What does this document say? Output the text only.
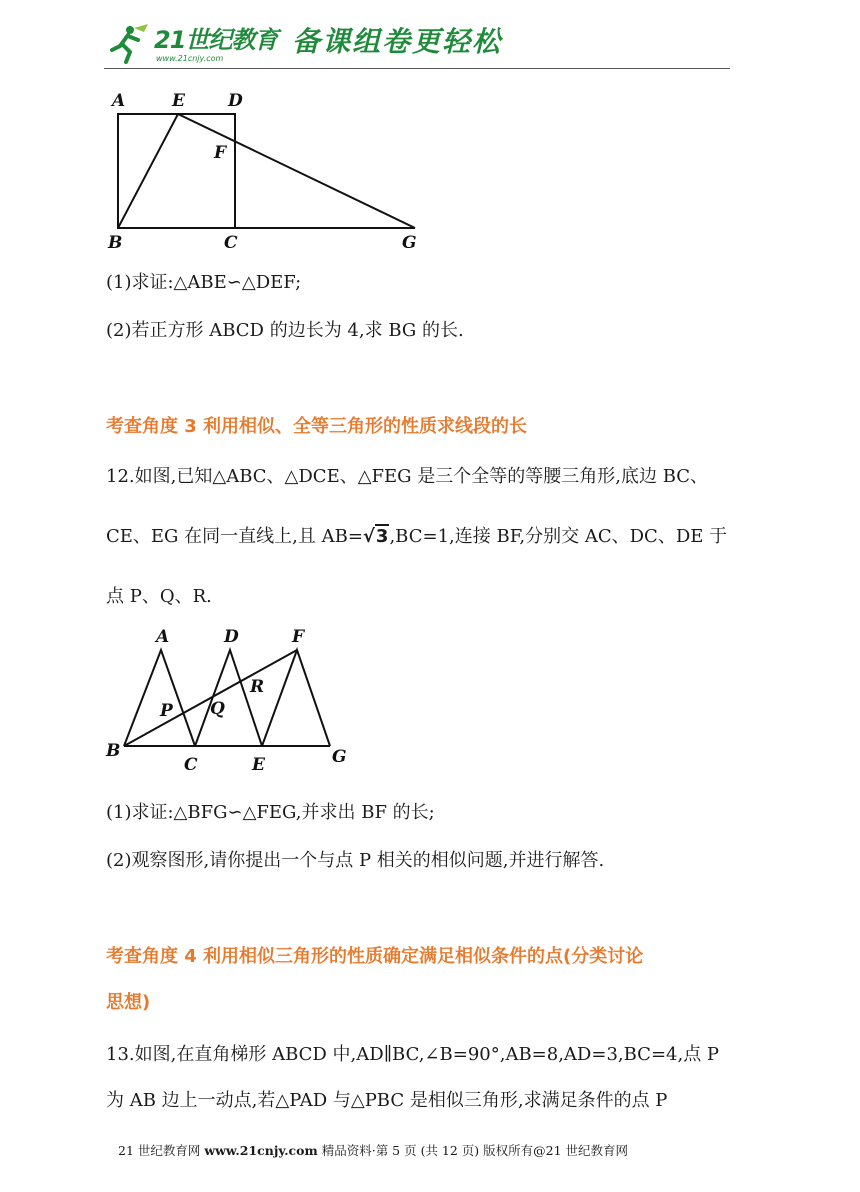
21世纪教育
www.21cnjy.com
备课组卷更轻松
A	E	D
F
B	C	G
(1)求证:△ABE∽△DEF;
(2)若正方形 ABCD 的边长为 4,求 BG 的长.
考查角度 3 利用相似、全等三角形的性质求线段的长
12.如图,已知△ABC、△DCE、△FEG 是三个全等的等腰三角形,底边 BC、
CE、EG 在同一直线上,且 AB=√3,BC=1,连接 BF,分别交 AC、DC、DE 于
点 P、Q、R.
A	D	F
R
P Q
B
C	E	G
(1)求证:△BFG∽△FEG,并求出 BF 的长;
(2)观察图形,请你提出一个与点 P 相关的相似问题,并进行解答.
考查角度 4 利用相似三角形的性质确定满足相似条件的点(分类讨论
思想)
13.如图,在直角梯形 ABCD 中,AD∥BC,∠B=90°,AB=8,AD=3,BC=4,点 P
为 AB 边上一动点,若△PAD 与△PBC 是相似三角形,求满足条件的点 P
21 世纪教育网 www.21cnjy.com 精品资料·第 5 页 (共 12 页) 版权所有@21 世纪教育网
